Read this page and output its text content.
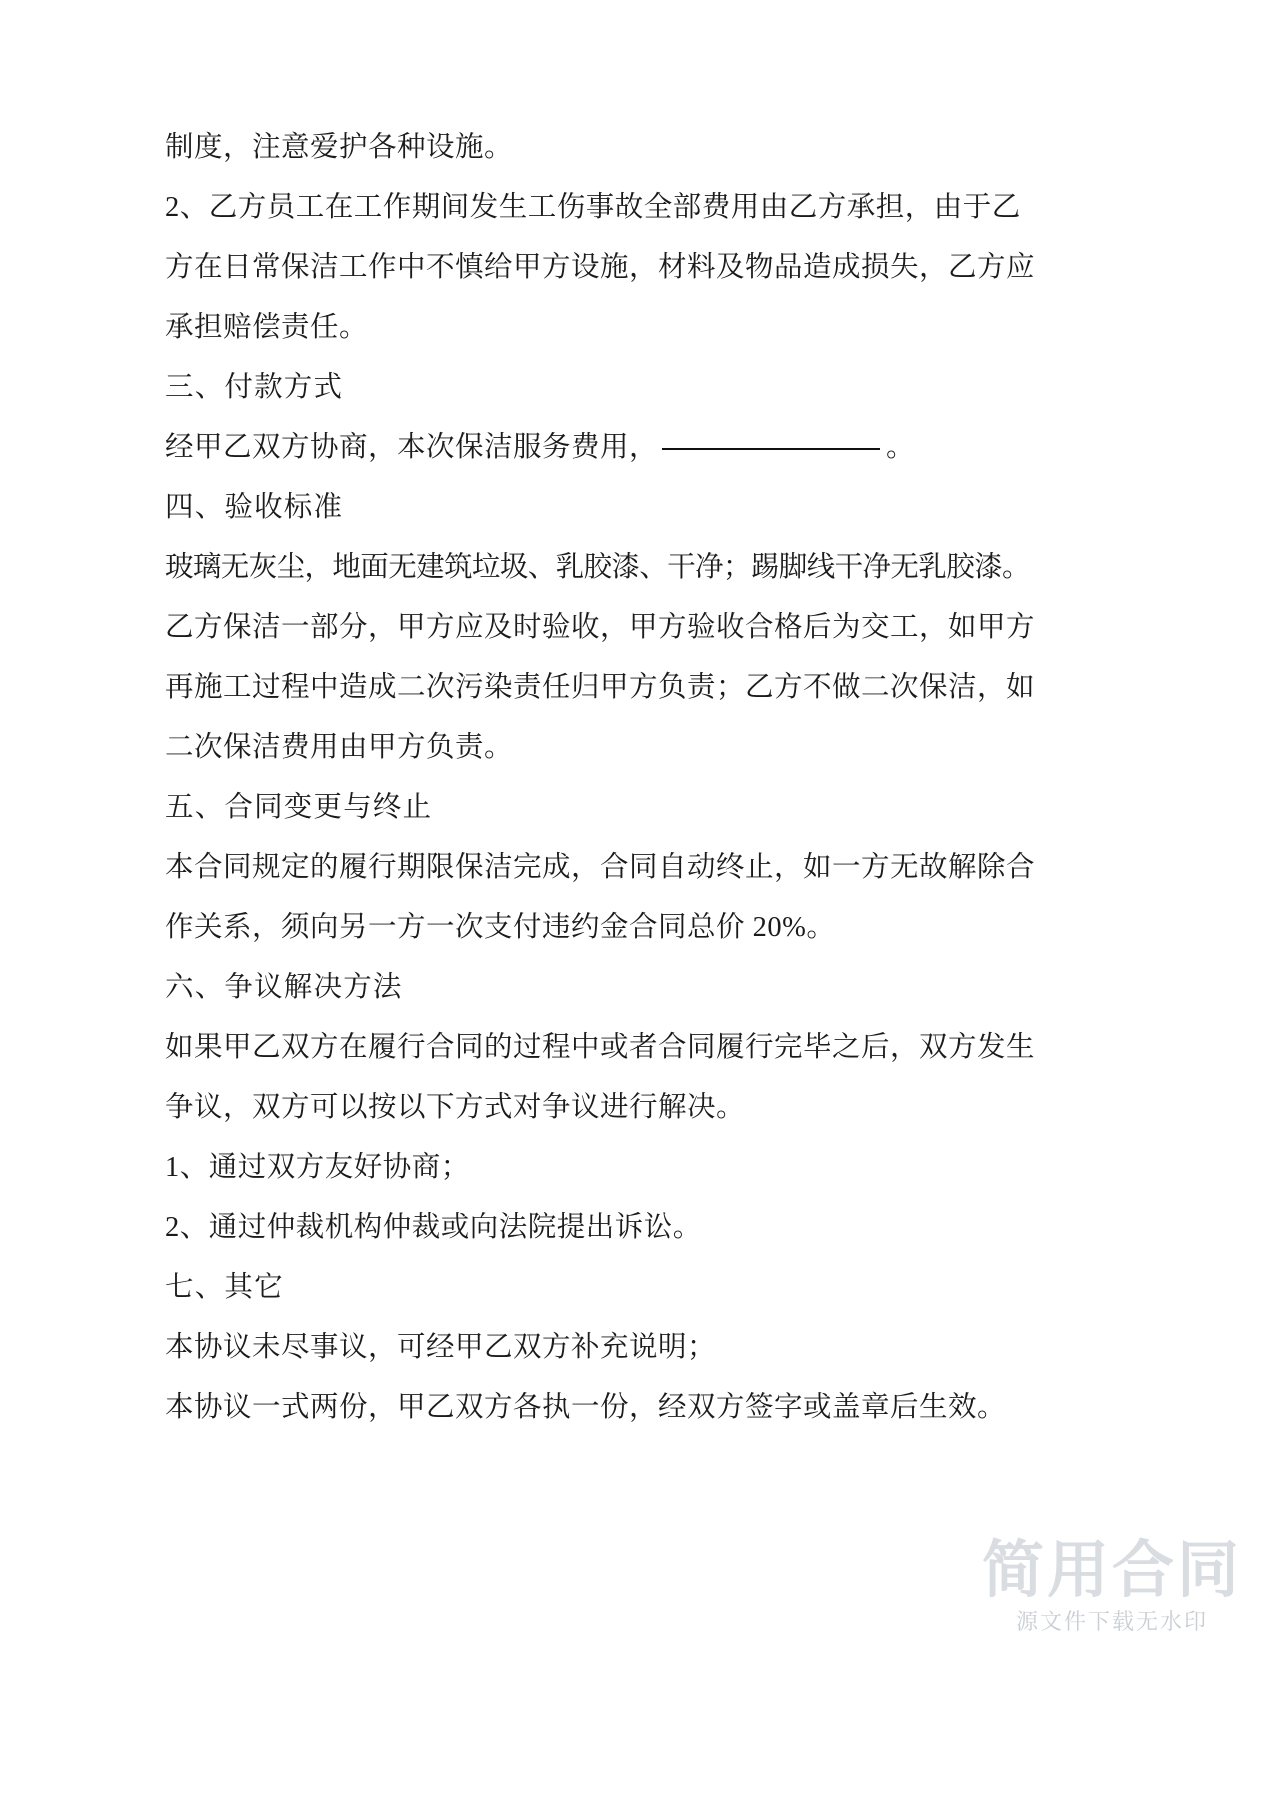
制度，注意爱护各种设施。
2、乙方员工在工作期间发生工伤事故全部费用由乙方承担，由于乙
方在日常保洁工作中不慎给甲方设施，材料及物品造成损失，乙方应
承担赔偿责任。
三、付款方式
经甲乙双方协商，本次保洁服务费用，	。
四、验收标准
玻璃无灰尘，地面无建筑垃圾、乳胶漆、干净；踢脚线干净无乳胶漆。
乙方保洁一部分，甲方应及时验收，甲方验收合格后为交工，如甲方
再施工过程中造成二次污染责任归甲方负责；乙方不做二次保洁，如
二次保洁费用由甲方负责。
五、合同变更与终止
本合同规定的履行期限保洁完成，合同自动终止，如一方无故解除合
作关系，须向另一方一次支付违约金合同总价 20%。
六、争议解决方法
如果甲乙双方在履行合同的过程中或者合同履行完毕之后，双方发生
争议，双方可以按以下方式对争议进行解决。
1、通过双方友好协商；
2、通过仲裁机构仲裁或向法院提出诉讼。
七、其它
本协议未尽事议，可经甲乙双方补充说明；
本协议一式两份，甲乙双方各执一份，经双方签字或盖章后生效。
简用合同
源文件下载无水印
